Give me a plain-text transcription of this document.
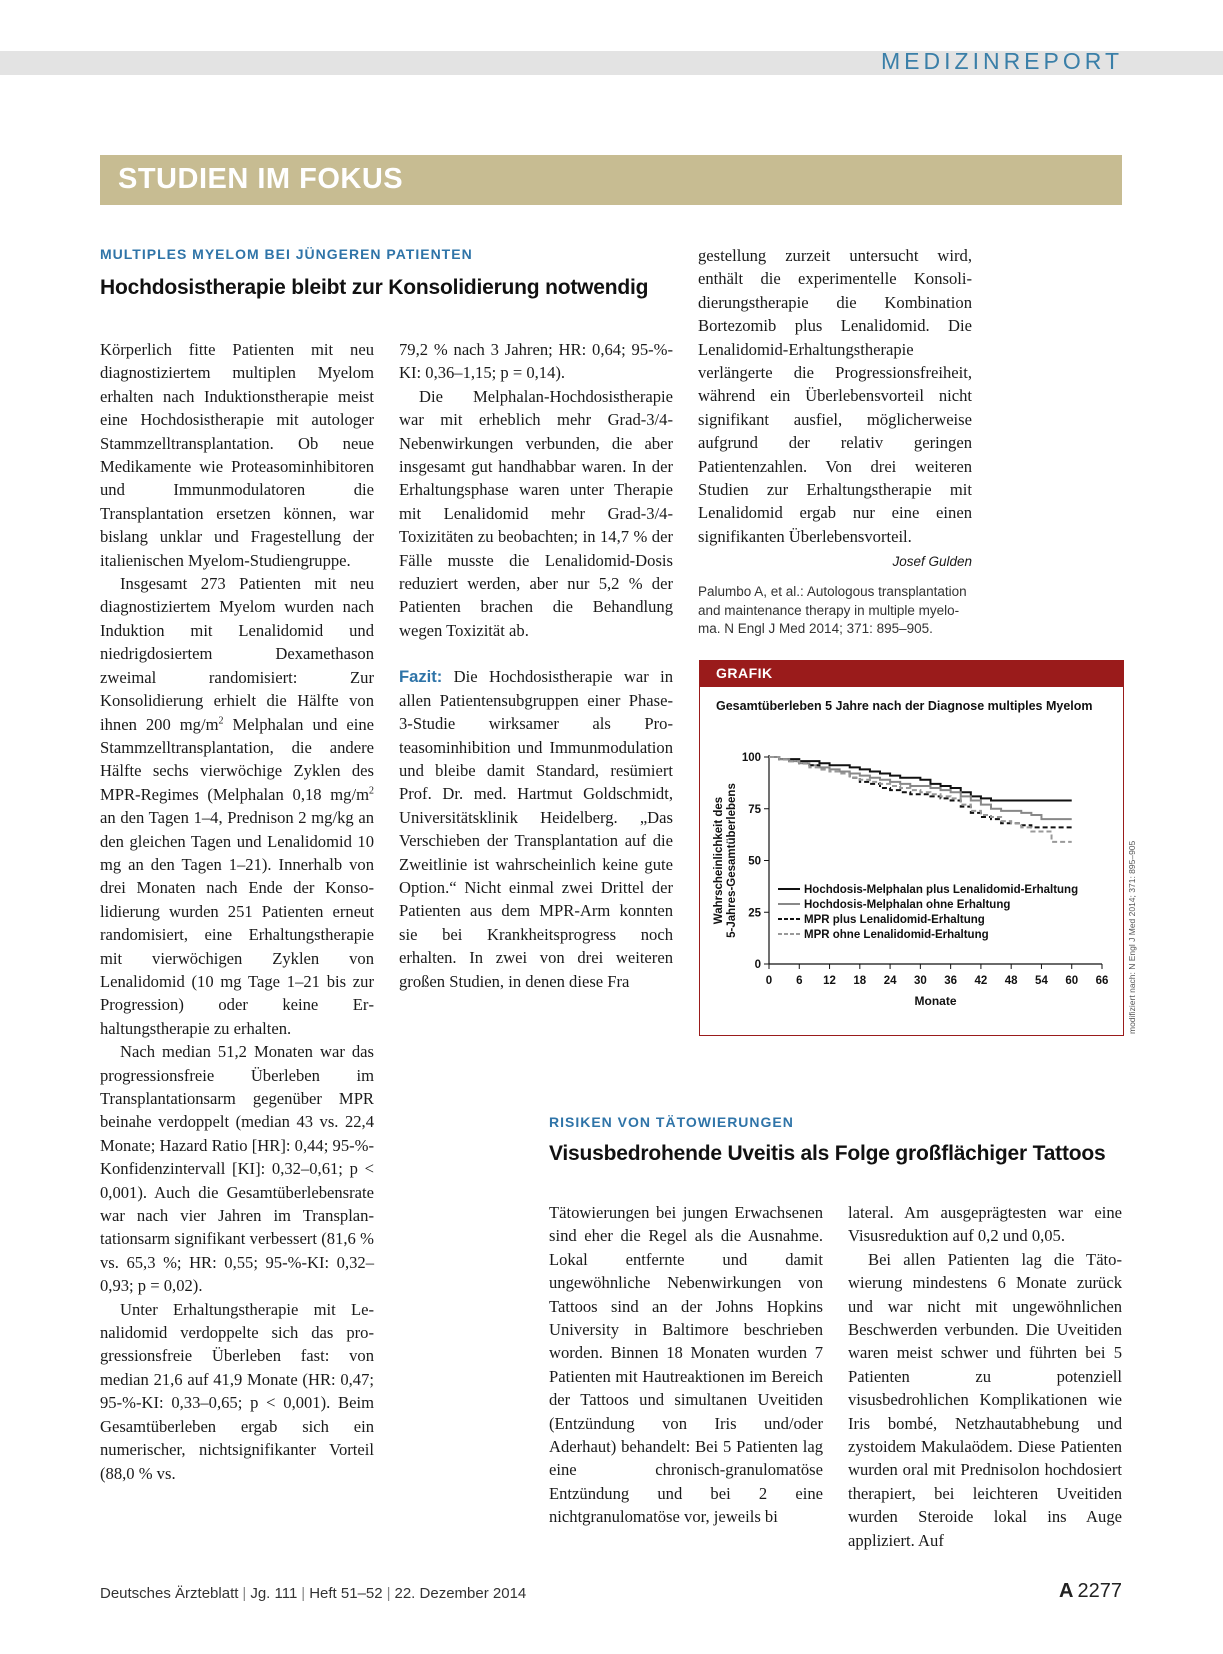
MEDIZINREPORT
STUDIEN IM FOKUS
MULTIPLES MYELOM BEI JÜNGEREN PATIENTEN
Hochdosistherapie bleibt zur Konsolidierung notwendig

Körperlich fitte Patienten mit neu diagnostiziertem multiplen Myelom erhalten nach Induktionstherapie meist eine Hochdosistherapie mit autologer Stammzelltransplantation. Ob neue Medikamente wie Proteasominhibitoren und Immunmodulatoren die Transplantation ersetzen können, war bislang unklar und Fragestellung der italienischen Myelom-Studiengruppe.

Insgesamt 273 Patienten mit neu diagnostiziertem Myelom wurden nach Induktion mit Lenalidomid und niedrigdosiertem Dexamethason zweimal randomisiert: Zur Konsolidierung erhielt die Hälfte von ihnen 200 $mg/m^2$ Melphalan und eine Stammzelltransplantation, die andere Hälfte sechs vierwöchige Zyklen des MPR-Regimes (Melphalan 0,18 $mg/m^2$ an den Tagen 1–4, Prednison 2 mg/kg an den gleichen Tagen und Lenalidomid 10 mg an den Tagen 1–21). Innerhalb von drei Monaten nach Ende der Konsolidierung wurden 251 Patienten erneut randomisiert, eine Erhaltungstherapie mit vierwöchigen Zyklen von Lenalidomid (10 mg Tage 1–21 bis zur Progression) oder keine Erhaltungstherapie zu erhalten.

Nach median 51,2 Monaten war das progressionsfreie Überleben im Transplantationsarm gegenüber MPR beinahe verdoppelt (median 43 vs. 22,4 Monate; Hazard Ratio [HR]: 0,44; 95-%-Konfidenzintervall [KI]: 0,32–0,61; p < 0,001). Auch die Gesamtüberlebensrate war nach vier Jahren im Transplantationsarm signifikant verbessert (81,6 % vs. 65,3 %; HR: 0,55; 95-%-KI: 0,32–0,93; p = 0,02).

Unter Erhaltungstherapie mit Lenalidomid verdoppelte sich das progressionsfreie Überleben fast: von median 21,6 auf 41,9 Monate (HR: 0,47; 95-%-KI: 0,33–0,65; p < 0,001). Beim Gesamtüberleben ergab sich ein numerischer, nichtsignifikanter Vorteil (88,0 % vs.

79,2 % nach 3 Jahren; HR: 0,64; 95-%-KI: 0,36–1,15; p = 0,14).

Die Melphalan-Hochdosistherapie war mit erheblich mehr Grad-3/4-Nebenwirkungen verbunden, die aber insgesamt gut handhabbar waren. In der Erhaltungsphase waren unter Therapie mit Lenalidomid mehr Grad-3/4-Toxizitäten zu beobachten; in 14,7 % der Fälle musste die Lenalidomid-Dosis reduziert werden, aber nur 5,2 % der Patienten brachen die Behandlung wegen Toxizität ab.

Fazit: Die Hochdosistherapie war in allen Patientensubgruppen einer Phase-3-Studie wirksamer als Proteasominhibition und Immunmodulation und bleibe damit Standard, resümiert Prof. Dr. med. Hartmut Goldschmidt, Universitätsklinik Heidelberg. „Das Verschieben der Transplantation auf die Zweitlinie ist wahrscheinlich keine gute Option.“ Nicht einmal zwei Drittel der Patienten aus dem MPR-Arm konnten sie bei Krankheitsprogress noch erhalten. In zwei von drei weiteren großen Studien, in denen diese Fra

gestellung zurzeit untersucht wird, enthält die experimentelle Konsolidierungstherapie die Kombination Bortezomib plus Lenalidomid. Die Lenalidomid-Erhaltungstherapie verlängerte die Progressionsfreiheit, während ein Überlebensvorteil nicht signifikant ausfiel, möglicherweise aufgrund der relativ geringen Patientenzahlen. Von drei weiteren Studien zur Erhaltungstherapie mit Lenalidomid ergab nur eine einen signifikanten Überlebensvorteil.

Josef Gulden
Palumbo A, et al.: Autologous transplantation and maintenance therapy in multiple myeloma. N Engl J Med 2014; 371: 895–905.
GRAFIK
Gesamtüberleben 5 Jahre nach der Diagnose multiples Myelom
0
25
50
75
100
0 6 12 18 24 30 36 42 48 54 60 66
Monate
Wahrscheinlichkeit des 5-Jahres-Gesamtüberlebens	Hochdosis-Melphalan plus Lenalidomid-Erhaltung
Hochdosis-Melphalan ohne Erhaltung
MPR plus Lenalidomid-Erhaltung
MPR ohne Lenalidomid-Erhaltung	modifiziert nach: N Engl J Med 2014; 371: 895–905
RISIKEN VON TÄTOWIERUNGEN
Visusbedrohende Uveitis als Folge großflächiger Tattoos

Tätowierungen bei jungen Erwachsenen sind eher die Regel als die Ausnahme. Lokal entfernte und damit ungewöhnliche Nebenwirkungen von Tattoos sind an der Johns Hopkins University in Baltimore beschrieben worden. Binnen 18 Monaten wurden 7 Patienten mit Hautreaktionen im Bereich der Tattoos und simultanen Uveitiden (Entzündung von Iris und/oder Aderhaut) behandelt: Bei 5 Patienten lag eine chronisch-granulomatöse Entzündung und bei 2 eine nichtgranulomatöse vor, jeweils bi

lateral. Am ausgeprägtesten war eine Visusreduktion auf 0,2 und 0,05.

Bei allen Patienten lag die Tätowierung mindestens 6 Monate zurück und war nicht mit ungewöhnlichen Beschwerden verbunden. Die Uveitiden waren meist schwer und führten bei 5 Patienten zu potenziell visusbedrohlichen Komplikationen wie Iris bombé, Netzhautabhebung und zystoidem Makulaödem. Diese Patienten wurden oral mit Prednisolon hochdosiert therapiert, bei leichteren Uveitiden wurden Steroide lokal ins Auge appliziert. Auf

Deutsches Ärzteblatt | Jg. 111 | Heft 51–52 | 22. Dezember 2014	A 2277
